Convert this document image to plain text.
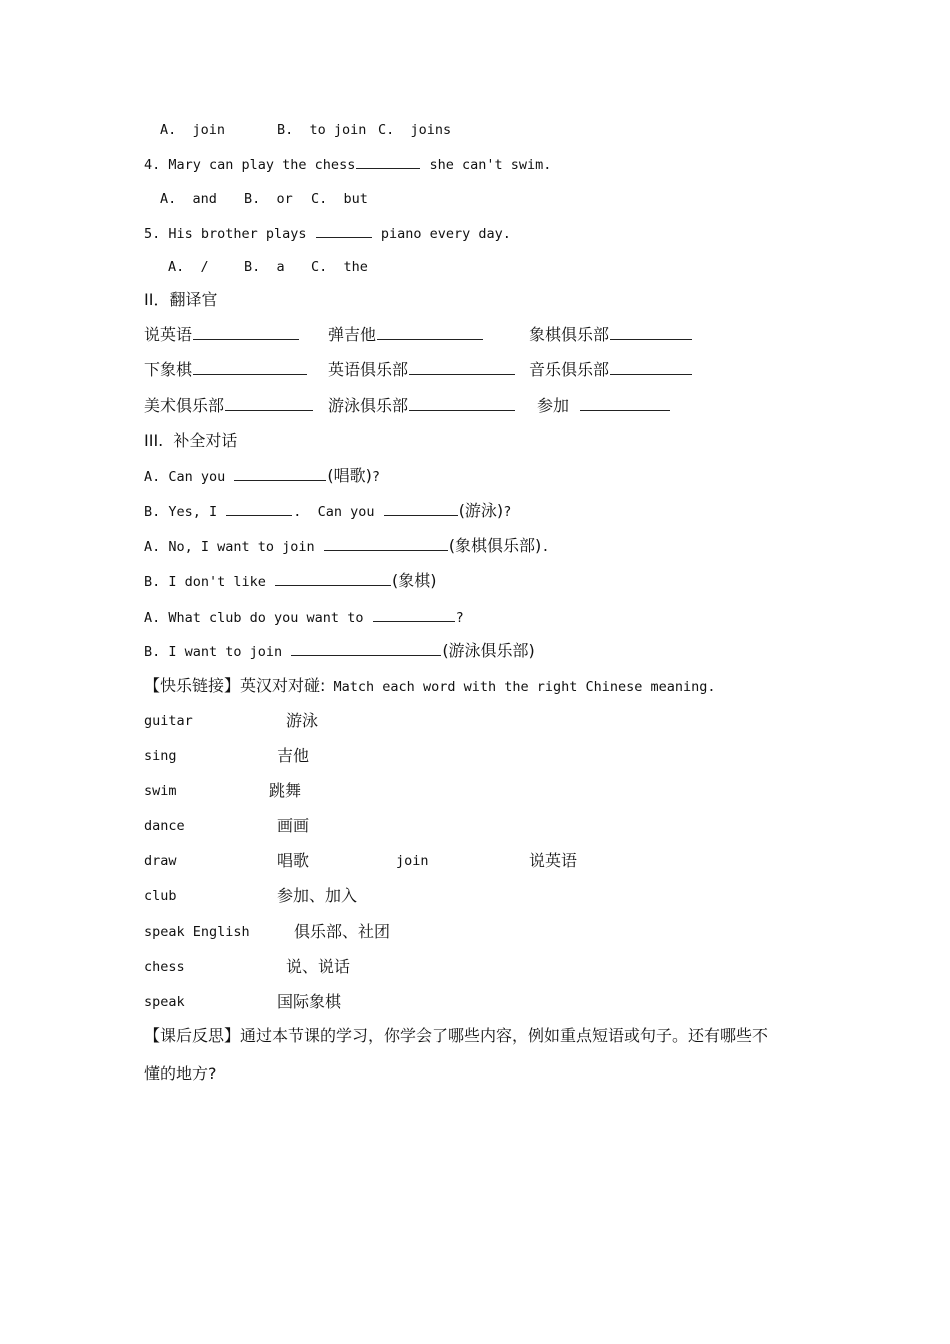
A.  join	B.  to join C.  joins
4. Mary can play the chess	she can't swim.
A.  and B.  or C.  but
5. His brother plays	piano every day.
A.  /	B.  a C.  the
II．翻译官
说英语	弹吉他	象棋俱乐部
下象棋	英语俱乐部	音乐俱乐部
美术俱乐部	游泳俱乐部	参加
III.  补全对话
A. Can you	(唱歌)?
B. Yes, I	.  Can you	(游泳)?
A. No, I want to join	(象棋俱乐部).
B. I don't like	(象棋)
A. What club do you want to	?
B. I want to join	(游泳俱乐部)
【快乐链接】英汉对对碰: Match each word with the right Chinese meaning.
guitar	游泳
sing	吉他
swim	跳舞
dance	画画
draw	唱歌	join	说英语
club	参加、加入
speak English	俱乐部、社团
chess	说、说话
speak	国际象棋
【课后反思】通过本节课的学习，你学会了哪些内容，例如重点短语或句子。还有哪些不
懂的地方?
